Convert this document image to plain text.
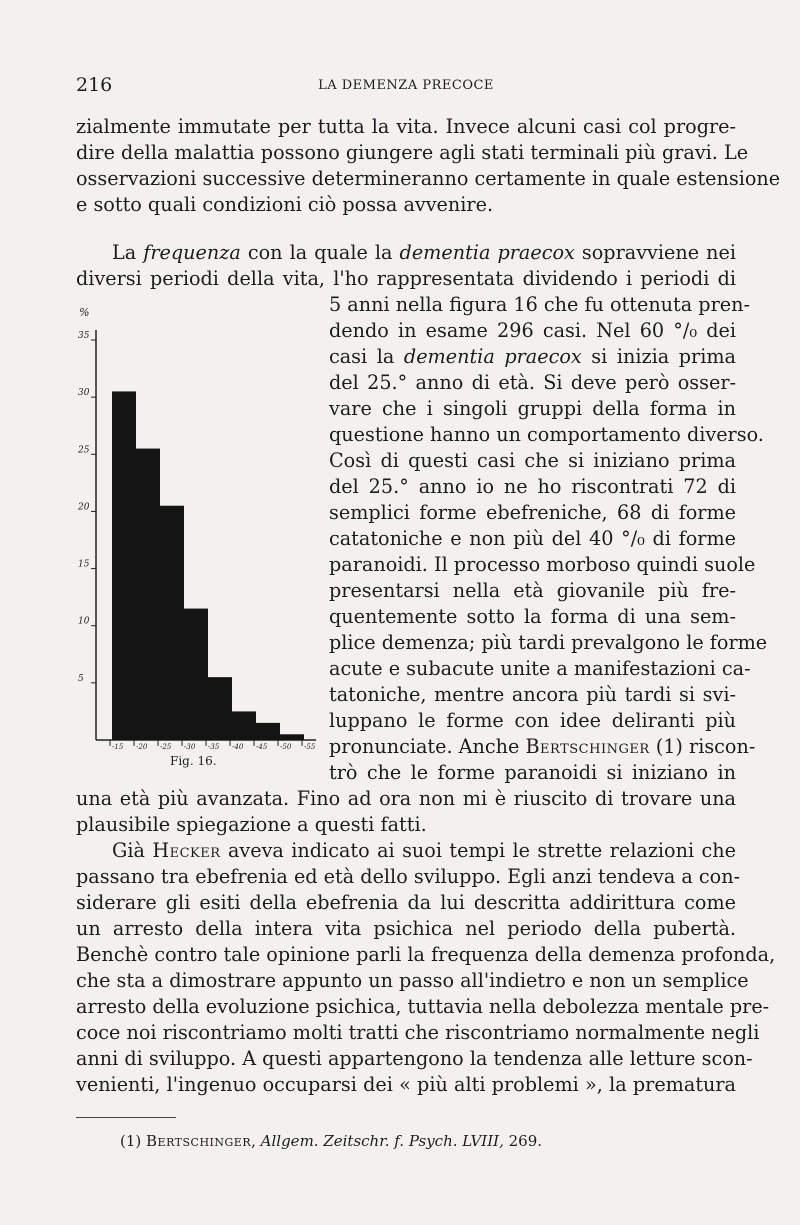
216	LA DEMENZA PRECOCE
zialmente immutate per tutta la vita. Invece alcuni casi col progre-
dire della malattia possono giungere agli stati terminali più gravi. Le
osservazioni successive determineranno certamente in quale estensione
e sotto quali condizioni ciò possa avvenire.
La frequenza con la quale la dementia praecox sopravviene nei
diversi periodi della vita, l'ho rappresentata dividendo i periodi di
5 anni nella figura 16 che fu ottenuta pren-
dendo in esame 296 casi. Nel 60 °/₀ dei
casi la dementia praecox si inizia prima
del 25.° anno di età. Si deve però osser-
vare che i singoli gruppi della forma in
questione hanno un comportamento diverso.
Così di questi casi che si iniziano prima
del 25.° anno io ne ho riscontrati 72 di
semplici forme ebefreniche, 68 di forme
catatoniche e non più del 40 °/₀ di forme
paranoidi. Il processo morboso quindi suole
presentarsi nella età giovanile più fre-
quentemente sotto la forma di una sem-
plice demenza; più tardi prevalgono le forme
acute e subacute unite a manifestazioni ca-
tatoniche, mentre ancora più tardi si svi-
luppano le forme con idee deliranti più
pronunciate. Anche Bertschinger (1) riscon-
trò che le forme paranoidi si iniziano in
una età più avanzata. Fino ad ora non mi è riuscito di trovare una
plausibile spiegazione a questi fatti.
Già Hecker aveva indicato ai suoi tempi le strette relazioni che
passano tra ebefrenia ed età dello sviluppo. Egli anzi tendeva a con-
siderare gli esiti della ebefrenia da lui descritta addirittura come
un arresto della intera vita psichica nel periodo della pubertà.
Benchè contro tale opinione parli la frequenza della demenza profonda,
che sta a dimostrare appunto un passo all'indietro e non un semplice
arresto della evoluzione psichica, tuttavia nella debolezza mentale pre-
coce noi riscontriamo molti tratti che riscontriamo normalmente negli
anni di sviluppo. A questi appartengono la tendenza alle letture scon-
venienti, l'ingenuo occuparsi dei « più alti problemi », la prematura
%
35
30
25
20
15
10
5
-15 -20 -25 -30 -35 -40 -45 -50 -55
Fig. 16.
(1) Bertschinger, Allgem. Zeitschr. f. Psych. LVIII, 269.
